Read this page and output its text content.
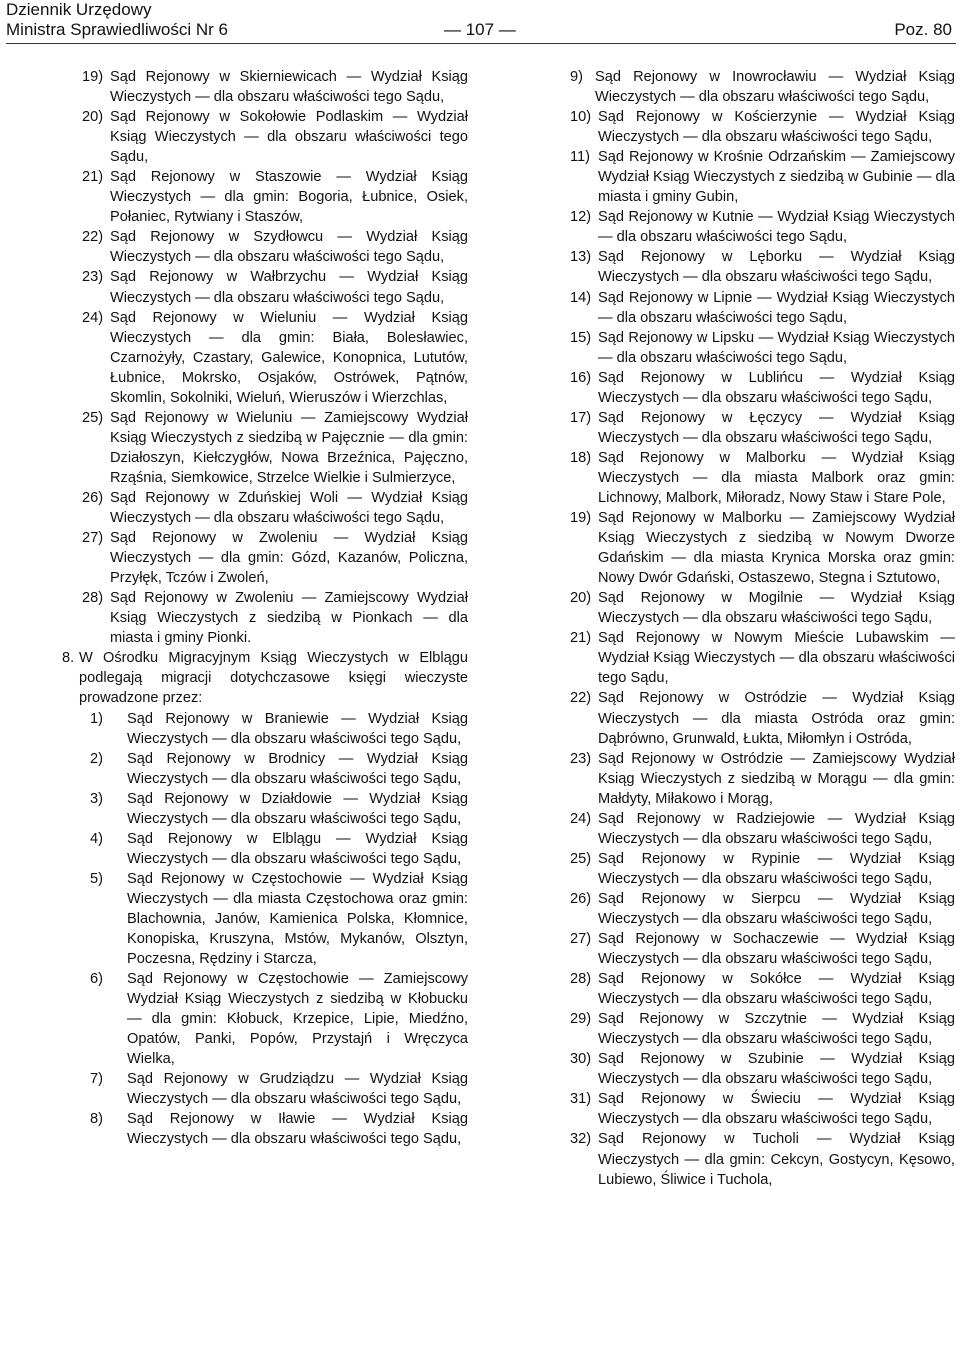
Dziennik Urzędowy
Ministra Sprawiedliwości Nr 6	— 107 —	Poz. 80
19) Sąd Rejonowy w Skierniewicach — Wydział Ksiąg Wieczystych — dla obszaru właściwości tego Sądu,
20) Sąd Rejonowy w Sokołowie Podlaskim — Wydział Ksiąg Wieczystych — dla obszaru właściwości tego Sądu,
21) Sąd Rejonowy w Staszowie — Wydział Ksiąg Wieczystych — dla gmin: Bogoria, Łubnice, Osiek, Połaniec, Rytwiany i Staszów,
22) Sąd Rejonowy w Szydłowcu — Wydział Ksiąg Wieczystych — dla obszaru właściwości tego Sądu,
23) Sąd Rejonowy w Wałbrzychu — Wydział Ksiąg Wieczystych — dla obszaru właściwości tego Sądu,
24) Sąd Rejonowy w Wieluniu — Wydział Ksiąg Wieczystych — dla gmin: Biała, Bolesławiec, Czarnożyły, Czastary, Galewice, Konopnica, Lututów, Łubnice, Mokrsko, Osjaków, Ostrówek, Pątnów, Skomlin, Sokolniki, Wieluń, Wieruszów i Wierzchlas,
25) Sąd Rejonowy w Wieluniu — Zamiejscowy Wydział Ksiąg Wieczystych z siedzibą w Pajęcznie — dla gmin: Działoszyn, Kiełczygłów, Nowa Brzeźnica, Pajęczno, Rząśnia, Siemkowice, Strzelce Wielkie i Sulmierzyce,
26) Sąd Rejonowy w Zduńskiej Woli — Wydział Ksiąg Wieczystych — dla obszaru właściwości tego Sądu,
27) Sąd Rejonowy w Zwoleniu — Wydział Ksiąg Wieczystych — dla gmin: Gózd, Kazanów, Policzna, Przyłęk, Tczów i Zwoleń,
28) Sąd Rejonowy w Zwoleniu — Zamiejscowy Wydział Ksiąg Wieczystych z siedzibą w Pionkach — dla miasta i gminy Pionki.
8. W Ośrodku Migracyjnym Ksiąg Wieczystych w Elblągu podlegają migracji dotychczasowe księgi wieczyste prowadzone przez:
1) Sąd Rejonowy w Braniewie — Wydział Ksiąg Wieczystych — dla obszaru właściwości tego Sądu,
2) Sąd Rejonowy w Brodnicy — Wydział Ksiąg Wieczystych — dla obszaru właściwości tego Sądu,
3) Sąd Rejonowy w Działdowie — Wydział Ksiąg Wieczystych — dla obszaru właściwości tego Sądu,
4) Sąd Rejonowy w Elblągu — Wydział Ksiąg Wieczystych — dla obszaru właściwości tego Sądu,
5) Sąd Rejonowy w Częstochowie — Wydział Ksiąg Wieczystych — dla miasta Częstochowa oraz gmin: Blachownia, Janów, Kamienica Polska, Kłomnice, Konopiska, Kruszyna, Mstów, Mykanów, Olsztyn, Poczesna, Rędziny i Starcza,
6) Sąd Rejonowy w Częstochowie — Zamiejscowy Wydział Ksiąg Wieczystych z siedzibą w Kłobucku — dla gmin: Kłobuck, Krzepice, Lipie, Miedźno, Opatów, Panki, Popów, Przystajń i Wręczyca Wielka,
7) Sąd Rejonowy w Grudziądzu — Wydział Ksiąg Wieczystych — dla obszaru właściwości tego Sądu,
8) Sąd Rejonowy w Iławie — Wydział Ksiąg Wieczystych — dla obszaru właściwości tego Sądu,
9) Sąd Rejonowy w Inowrocławiu — Wydział Ksiąg Wieczystych — dla obszaru właściwości tego Sądu,
10) Sąd Rejonowy w Kościerzynie — Wydział Ksiąg Wieczystych — dla obszaru właściwości tego Sądu,
11) Sąd Rejonowy w Krośnie Odrzańskim — Zamiejscowy Wydział Ksiąg Wieczystych z siedzibą w Gubinie — dla miasta i gminy Gubin,
12) Sąd Rejonowy w Kutnie — Wydział Ksiąg Wieczystych — dla obszaru właściwości tego Sądu,
13) Sąd Rejonowy w Lęborku — Wydział Ksiąg Wieczystych — dla obszaru właściwości tego Sądu,
14) Sąd Rejonowy w Lipnie — Wydział Ksiąg Wieczystych — dla obszaru właściwości tego Sądu,
15) Sąd Rejonowy w Lipsku — Wydział Ksiąg Wieczystych — dla obszaru właściwości tego Sądu,
16) Sąd Rejonowy w Lublińcu — Wydział Ksiąg Wieczystych — dla obszaru właściwości tego Sądu,
17) Sąd Rejonowy w Łęczycy — Wydział Ksiąg Wieczystych — dla obszaru właściwości tego Sądu,
18) Sąd Rejonowy w Malborku — Wydział Ksiąg Wieczystych — dla miasta Malbork oraz gmin: Lichnowy, Malbork, Miłoradz, Nowy Staw i Stare Pole,
19) Sąd Rejonowy w Malborku — Zamiejscowy Wydział Ksiąg Wieczystych z siedzibą w Nowym Dworze Gdańskim — dla miasta Krynica Morska oraz gmin: Nowy Dwór Gdański, Ostaszewo, Stegna i Sztutowo,
20) Sąd Rejonowy w Mogilnie — Wydział Ksiąg Wieczystych — dla obszaru właściwości tego Sądu,
21) Sąd Rejonowy w Nowym Mieście Lubawskim — Wydział Ksiąg Wieczystych — dla obszaru właściwości tego Sądu,
22) Sąd Rejonowy w Ostródzie — Wydział Ksiąg Wieczystych — dla miasta Ostróda oraz gmin: Dąbrówno, Grunwald, Łukta, Miłomłyn i Ostróda,
23) Sąd Rejonowy w Ostródzie — Zamiejscowy Wydział Ksiąg Wieczystych z siedzibą w Morągu — dla gmin: Małdyty, Miłakowo i Morąg,
24) Sąd Rejonowy w Radziejowie — Wydział Ksiąg Wieczystych — dla obszaru właściwości tego Sądu,
25) Sąd Rejonowy w Rypinie — Wydział Ksiąg Wieczystych — dla obszaru właściwości tego Sądu,
26) Sąd Rejonowy w Sierpcu — Wydział Ksiąg Wieczystych — dla obszaru właściwości tego Sądu,
27) Sąd Rejonowy w Sochaczewie — Wydział Ksiąg Wieczystych — dla obszaru właściwości tego Sądu,
28) Sąd Rejonowy w Sokółce — Wydział Ksiąg Wieczystych — dla obszaru właściwości tego Sądu,
29) Sąd Rejonowy w Szczytnie — Wydział Ksiąg Wieczystych — dla obszaru właściwości tego Sądu,
30) Sąd Rejonowy w Szubinie — Wydział Ksiąg Wieczystych — dla obszaru właściwości tego Sądu,
31) Sąd Rejonowy w Świeciu — Wydział Ksiąg Wieczystych — dla obszaru właściwości tego Sądu,
32) Sąd Rejonowy w Tucholi — Wydział Ksiąg Wieczystych — dla gmin: Cekcyn, Gostycyn, Kęsowo, Lubiewo, Śliwice i Tuchola,
